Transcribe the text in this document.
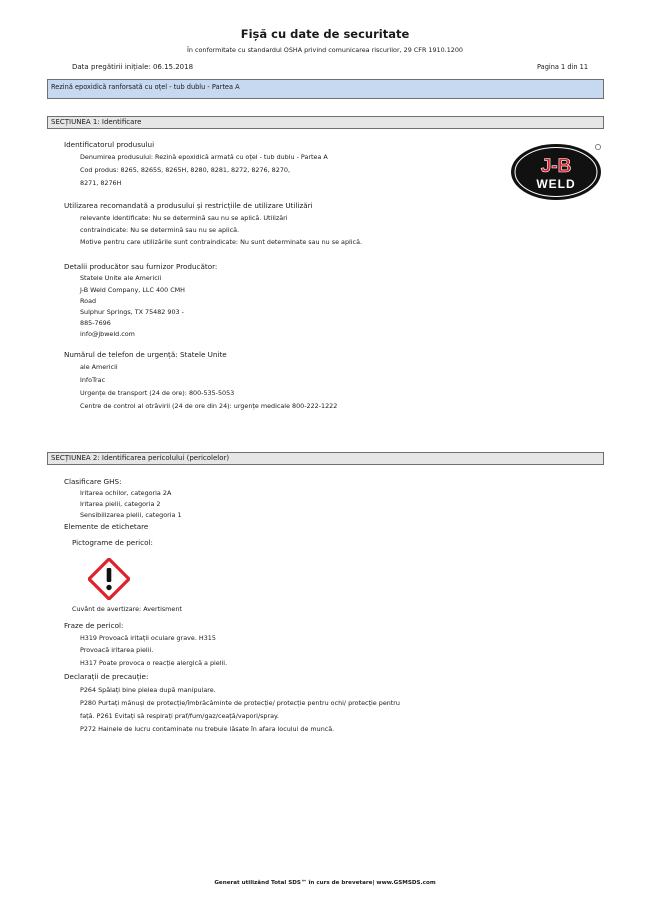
Fișă cu date de securitate
În conformitate cu standardul OSHA privind comunicarea riscurilor, 29 CFR 1910.1200
Data pregătirii inițiale: 06.15.2018	Pagina 1 din 11
Rezină epoxidică ranforsată cu oțel - tub dublu - Partea A
SECȚIUNEA 1: Identificare
Identificatorul produsului
Denumirea produsului: Rezină epoxidică armată cu oțel - tub dublu - Partea A
Cod produs: 8265, 8265S, 8265H, 8280, 8281, 8272, 8276, 8270,
8271, 8276H
J-B
WELD
Utilizarea recomandată a produsului și restricțiile de utilizare Utilizări
relevante identificate: Nu se determină sau nu se aplică. Utilizări
contraindicate: Nu se determină sau nu se aplică.
Motive pentru care utilizările sunt contraindicate: Nu sunt determinate sau nu se aplică.
Detalii producător sau furnizor Producător:
Statele Unite ale Americii
J-B Weld Company, LLC 400 CMH
Road
Sulphur Springs, TX 75482 903 -
885-7696
info@jbweld.com
Numărul de telefon de urgență: Statele Unite
ale Americii
InfoTrac
Urgențe de transport (24 de ore): 800-535-5053
Centre de control al otrăvirii (24 de ore din 24): urgențe medicale 800-222-1222
SECȚIUNEA 2: Identificarea pericolului (pericolelor)
Clasificare GHS:
Iritarea ochilor, categoria 2A
Iritarea pielii, categoria 2
Sensibilizarea pielii, categoria 1
Elemente de etichetare
Pictograme de pericol:
Cuvânt de avertizare: Avertisment
Fraze de pericol:
H319 Provoacă iritații oculare grave. H315
Provoacă iritarea pielii.
H317 Poate provoca o reacție alergică a pielii.
Declarații de precauție:
P264 Spălați bine pielea după manipulare.
P280 Purtați mănuși de protecție/îmbrăcăminte de protecție/ protecție pentru ochi/ protecție pentru
față. P261 Evitați să respirați praf/fum/gaz/ceață/vapori/spray.
P272 Hainele de lucru contaminate nu trebuie lăsate în afara locului de muncă.
Generat utilizând Total SDS™ în curs de brevetare| www.GSMSDS.com
